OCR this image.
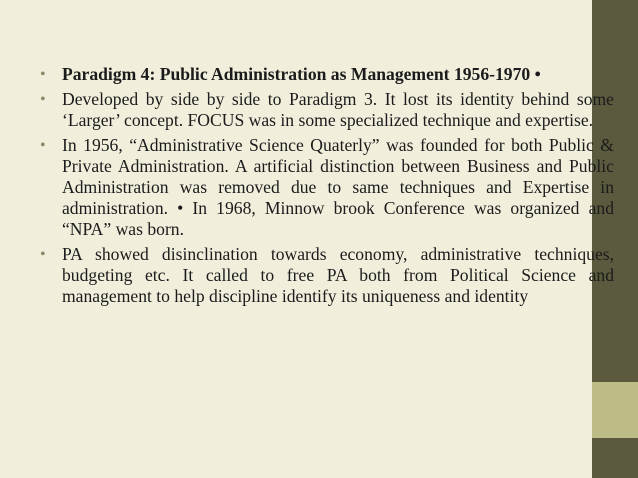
• Paradigm 4: Public Administration as Management 1956-1970 •
• Developed by side by side to Paradigm 3. It lost its identity behind some ‘Larger’ concept. FOCUS was in some specialized technique and expertise.
• In 1956, “Administrative Science Quaterly” was founded for both Public & Private Administration. A artificial distinction between Business and Public Administration was removed due to same techniques and Expertise in administration. • In 1968, Minnow brook Conference was organized and “NPA” was born.
• PA showed disinclination towards economy, administrative techniques, budgeting etc. It called to free PA both from Political Science and management to help discipline identify its uniqueness and identity
